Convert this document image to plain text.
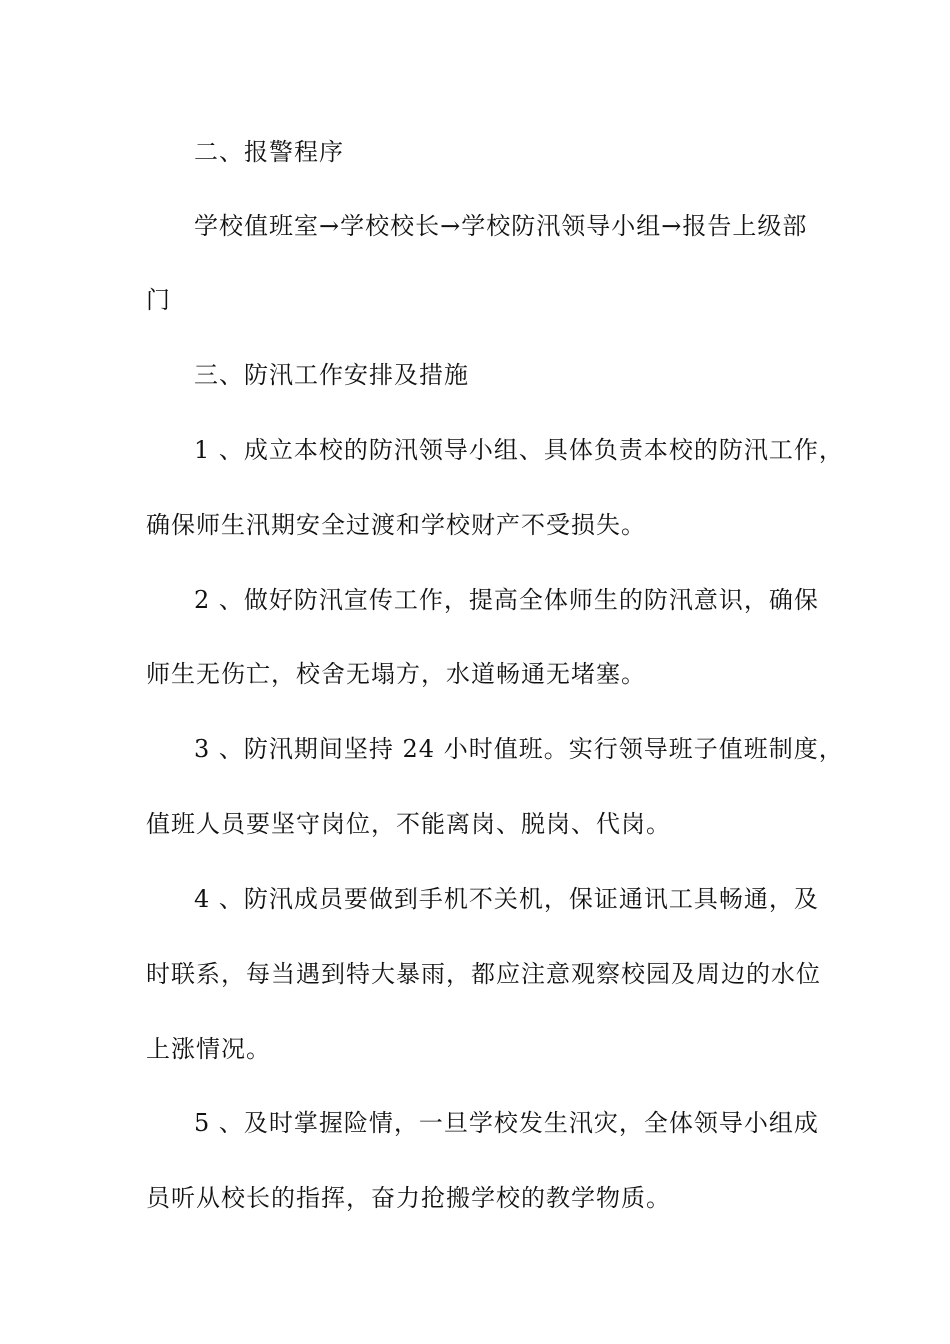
二、报警程序
学校值班室→学校校长→学校防汛领导小组→报告上级部
门
三、防汛工作安排及措施
1 、成立本校的防汛领导小组、具体负责本校的防汛工作，
确保师生汛期安全过渡和学校财产不受损失。
2 、做好防汛宣传工作，提高全体师生的防汛意识，确保
师生无伤亡，校舍无塌方，水道畅通无堵塞。
3 、防汛期间坚持 24 小时值班。实行领导班子值班制度，
值班人员要坚守岗位，不能离岗、脱岗、代岗。
4 、防汛成员要做到手机不关机，保证通讯工具畅通，及
时联系，每当遇到特大暴雨，都应注意观察校园及周边的水位
上涨情况。
5 、及时掌握险情，一旦学校发生汛灾，全体领导小组成
员听从校长的指挥，奋力抢搬学校的教学物质。
